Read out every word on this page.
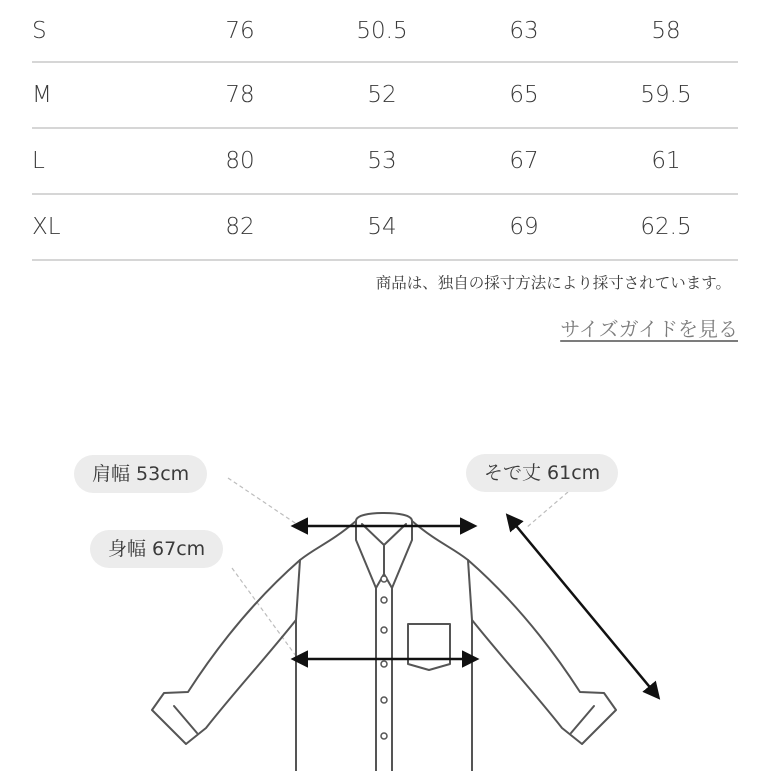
S	76	50.5	63	58
M	78	52	65	59.5
L	80	53	67	61
XL	82	54	69	62.5
商品は、独自の採寸方法により採寸されています。
サイズガイドを見る
肩幅 53cm
身幅 67cm
そで丈 61cm
